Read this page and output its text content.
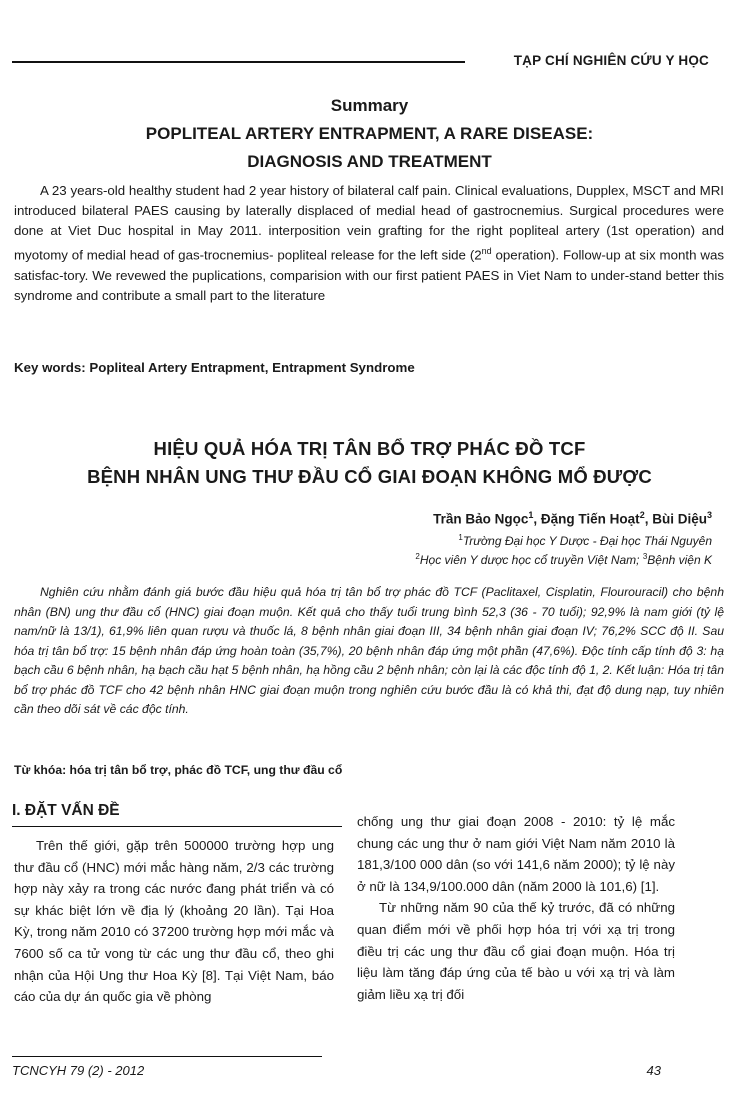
TẠP CHÍ NGHIÊN CỨU Y HỌC
Summary
POPLITEAL ARTERY ENTRAPMENT, A RARE DISEASE:
DIAGNOSIS AND TREATMENT

A 23 years-old healthy student had 2 year history of bilateral calf pain. Clinical evaluations, Dupplex, MSCT and MRI introduced bilateral PAES causing by laterally displaced of medial head of gastrocnemius. Surgical procedures were done at Viet Duc hospital in May 2011. interposition vein grafting for the right popliteal artery (1st operation) and myotomy of medial head of gas-trocnemius- popliteal release for the left side (2nd operation). Follow-up at six month was satisfac-tory. We revewed the puplications, comparision with our first patient PAES in Viet Nam to under-stand better this syndrome and contribute a small part to the literature

Key words: Popliteal Artery Entrapment, Entrapment Syndrome
HIỆU QUẢ HÓA TRỊ TÂN BỔ TRỢ PHÁC ĐỒ TCF
BỆNH NHÂN UNG THƯ ĐẦU CỔ GIAI ĐOẠN KHÔNG MỔ ĐƯỢC
Trần Bảo Ngọc$^1$, Đặng Tiến Hoạt$^2$, Bùi Diệu$^3$
$^1$Trường Đại học Y Dược - Đại học Thái Nguyên
$^2$Học viên Y dược học cổ truyền Việt Nam; $^3$Bệnh viện K

Nghiên cứu nhằm đánh giá bước đầu hiệu quả hóa trị tân bổ trợ phác đồ TCF (Paclitaxel, Cisplatin, Flourouracil) cho bệnh nhân (BN) ung thư đầu cổ (HNC) giai đoạn muộn. Kết quả cho thấy tuổi trung bình 52,3 (36 - 70 tuổi); 92,9% là nam giới (tỷ lệ nam/nữ là 13/1), 61,9% liên quan rượu và thuốc lá, 8 bệnh nhân giai đoạn III, 34 bệnh nhân giai đoạn IV; 76,2% SCC độ II. Sau hóa trị tân bổ trợ: 15 bệnh nhân đáp ứng hoàn toàn (35,7%), 20 bệnh nhân đáp ứng một phần (47,6%). Độc tính cấp tính độ 3: hạ bạch cầu 6 bệnh nhân, hạ bạch cầu hạt 5 bệnh nhân, hạ hồng cầu 2 bệnh nhân; còn lại là các độc tính độ 1, 2. Kết luận: Hóa trị tân bổ trợ phác đồ TCF cho 42 bệnh nhân HNC giai đoạn muộn trong nghiên cứu bước đầu là có khả thi, đạt độ dung nạp, tuy nhiên cần theo dõi sát về các độc tính.

Từ khóa: hóa trị tân bổ trợ, phác đồ TCF, ung thư đầu cổ
I. ĐẶT VẤN ĐỀ

Trên thế giới, gặp trên 500000 trường hợp ung thư đầu cổ (HNC) mới mắc hàng năm, 2/3 các trường hợp này xảy ra trong các nước đang phát triển và có sự khác biệt lớn về địa lý (khoảng 20 lần). Tại Hoa Kỳ, trong năm 2010 có 37200 trường hợp mới mắc và 7600 số ca tử vong từ các ung thư đầu cổ, theo ghi nhận của Hội Ung thư Hoa Kỳ [8]. Tại Việt Nam, báo cáo của dự án quốc gia về phòng

chống ung thư giai đoạn 2008 - 2010: tỷ lệ mắc chung các ung thư ở nam giới Việt Nam năm 2010 là 181,3/100 000 dân (so với 141,6 năm 2000); tỷ lệ này ở nữ là 134,9/100.000 dân (năm 2000 là 101,6) [1].

Từ những năm 90 của thế kỷ trước, đã có những quan điểm mới về phối hợp hóa trị với xạ trị trong điều trị các ung thư đầu cổ giai đoạn muộn. Hóa trị liệu làm tăng đáp ứng của tế bào u với xạ trị và làm giảm liều xạ trị đối

TCNCYH 79 (2) - 2012	43
